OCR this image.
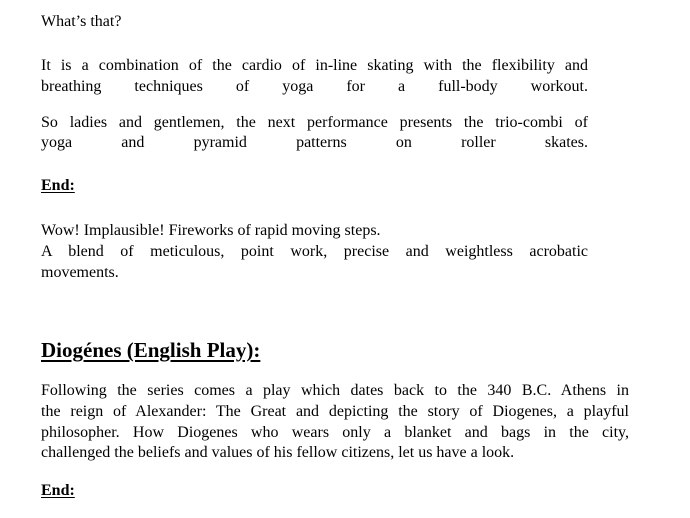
What’s that?
It is a combination of the cardio of in-line skating with the flexibility and
breathing techniques of yoga for a full-body workout.
So ladies and gentlemen, the next performance presents the trio-combi of
yoga and pyramid patterns on roller skates.
End:
Wow! Implausible! Fireworks of rapid moving steps.
A blend of meticulous, point work, precise and weightless acrobatic
movements.
Diogénes (English Play):
Following the series comes a play which dates back to the 340 B.C. Athens in
the reign of Alexander: The Great and depicting the story of Diogenes, a playful
philosopher. How Diogenes who wears only a blanket and bags in the city,
challenged the beliefs and values of his fellow citizens, let us have a look.
End:
